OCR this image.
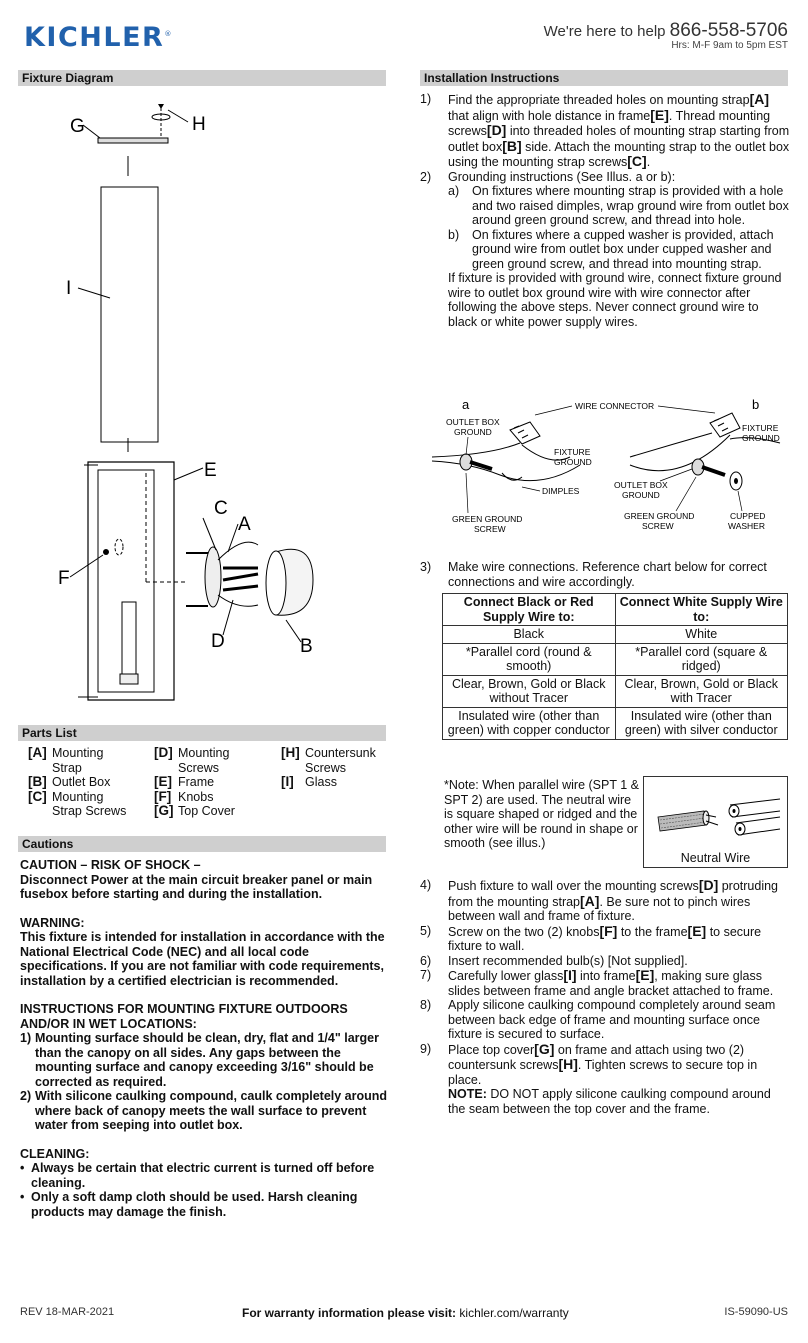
KICHLER®	We're here to help 866-558-5706
Hrs: M-F 9am to 5pm EST
Fixture Diagram
G	H
I
E
C
A
F
D	B
Parts List
[A] Mounting
Strap
[B] Outlet Box
[C] Mounting
Strap Screws
[D] Mounting
Screws
[E] Frame
[F] Knobs
[G] Top Cover
[H] Countersunk
Screws
[I] Glass
Cautions
CAUTION – RISK OF SHOCK –
Disconnect Power at the main circuit breaker panel or main fusebox before starting and during the installation.
WARNING:
This fixture is intended for installation in accordance with the National Electrical Code (NEC) and all local code specifications. If you are not familiar with code requirements, installation by a certified electrician is recommended.
INSTRUCTIONS FOR MOUNTING FIXTURE OUTDOORS AND/OR IN WET LOCATIONS:
1) Mounting surface should be clean, dry, flat and 1/4" larger than the canopy on all sides. Any gaps between the mounting surface and canopy exceeding 3/16" should be corrected as required.
2) With silicone caulking compound, caulk completely around where back of canopy meets the wall surface to prevent water from seeping into outlet box.
CLEANING:
• Always be certain that electric current is turned off before cleaning.
• Only a soft damp cloth should be used. Harsh cleaning products may damage the finish.
Installation Instructions
1)	Find the appropriate threaded holes on mounting strap[A] that align with hole distance in frame[E]. Thread mounting screws[D] into threaded holes of mounting strap starting from outlet box[B] side. Attach the mounting strap to the outlet box using the mounting strap screws[C].
2)	Grounding instructions (See Illus. a or b):
a)	On fixtures where mounting strap is provided with a hole and two raised dimples, wrap ground wire from outlet box around green ground screw, and thread into hole.
b)	On fixtures where a cupped washer is provided, attach ground wire from outlet box under cupped washer and green ground screw, and thread into mounting strap.
If fixture is provided with ground wire, connect fixture ground wire to outlet box ground wire with wire connector after following the above steps. Never connect ground wire to black or white power supply wires.
a	b
WIRE CONNECTOR
OUTLET BOX
GROUND
FIXTURE
GROUND
DIMPLES
GREEN GROUND
SCREW
FIXTURE
GROUND
OUTLET BOX
GROUND
GREEN GROUND
SCREW
CUPPED
WASHER
3)	Make wire connections. Reference chart below for correct connections and wire accordingly.
Connect Black or Red Supply Wire to:	Connect White Supply Wire to:
Black	White
*Parallel cord (round & smooth)	*Parallel cord (square & ridged)
Clear, Brown, Gold or Black without Tracer	Clear, Brown, Gold or Black with Tracer
Insulated wire (other than green) with copper conductor	Insulated wire (other than green) with silver conductor
*Note: When parallel wire (SPT 1 & SPT 2) are used. The neutral wire is square shaped or ridged and the other wire will be round in shape or smooth (see illus.)
Neutral Wire
4)	Push fixture to wall over the mounting screws[D] protruding from the mounting strap[A]. Be sure not to pinch wires between wall and frame of fixture.
5)	Screw on the two (2) knobs[F] to the frame[E] to secure fixture to wall.
6)	Insert recommended bulb(s) [Not supplied].
7)	Carefully lower glass[I] into frame[E], making sure glass slides between frame and angle bracket attached to frame.
8)	Apply silicone caulking compound completely around seam between back edge of frame and mounting surface once fixture is secured to surface.
9)	Place top cover[G] on frame and attach using two (2) countersunk screws[H]. Tighten screws to secure top in place.
NOTE: DO NOT apply silicone caulking compound around the seam between the top cover and the frame.
REV 18-MAR-2021	For warranty information please visit: kichler.com/warranty	IS-59090-US
